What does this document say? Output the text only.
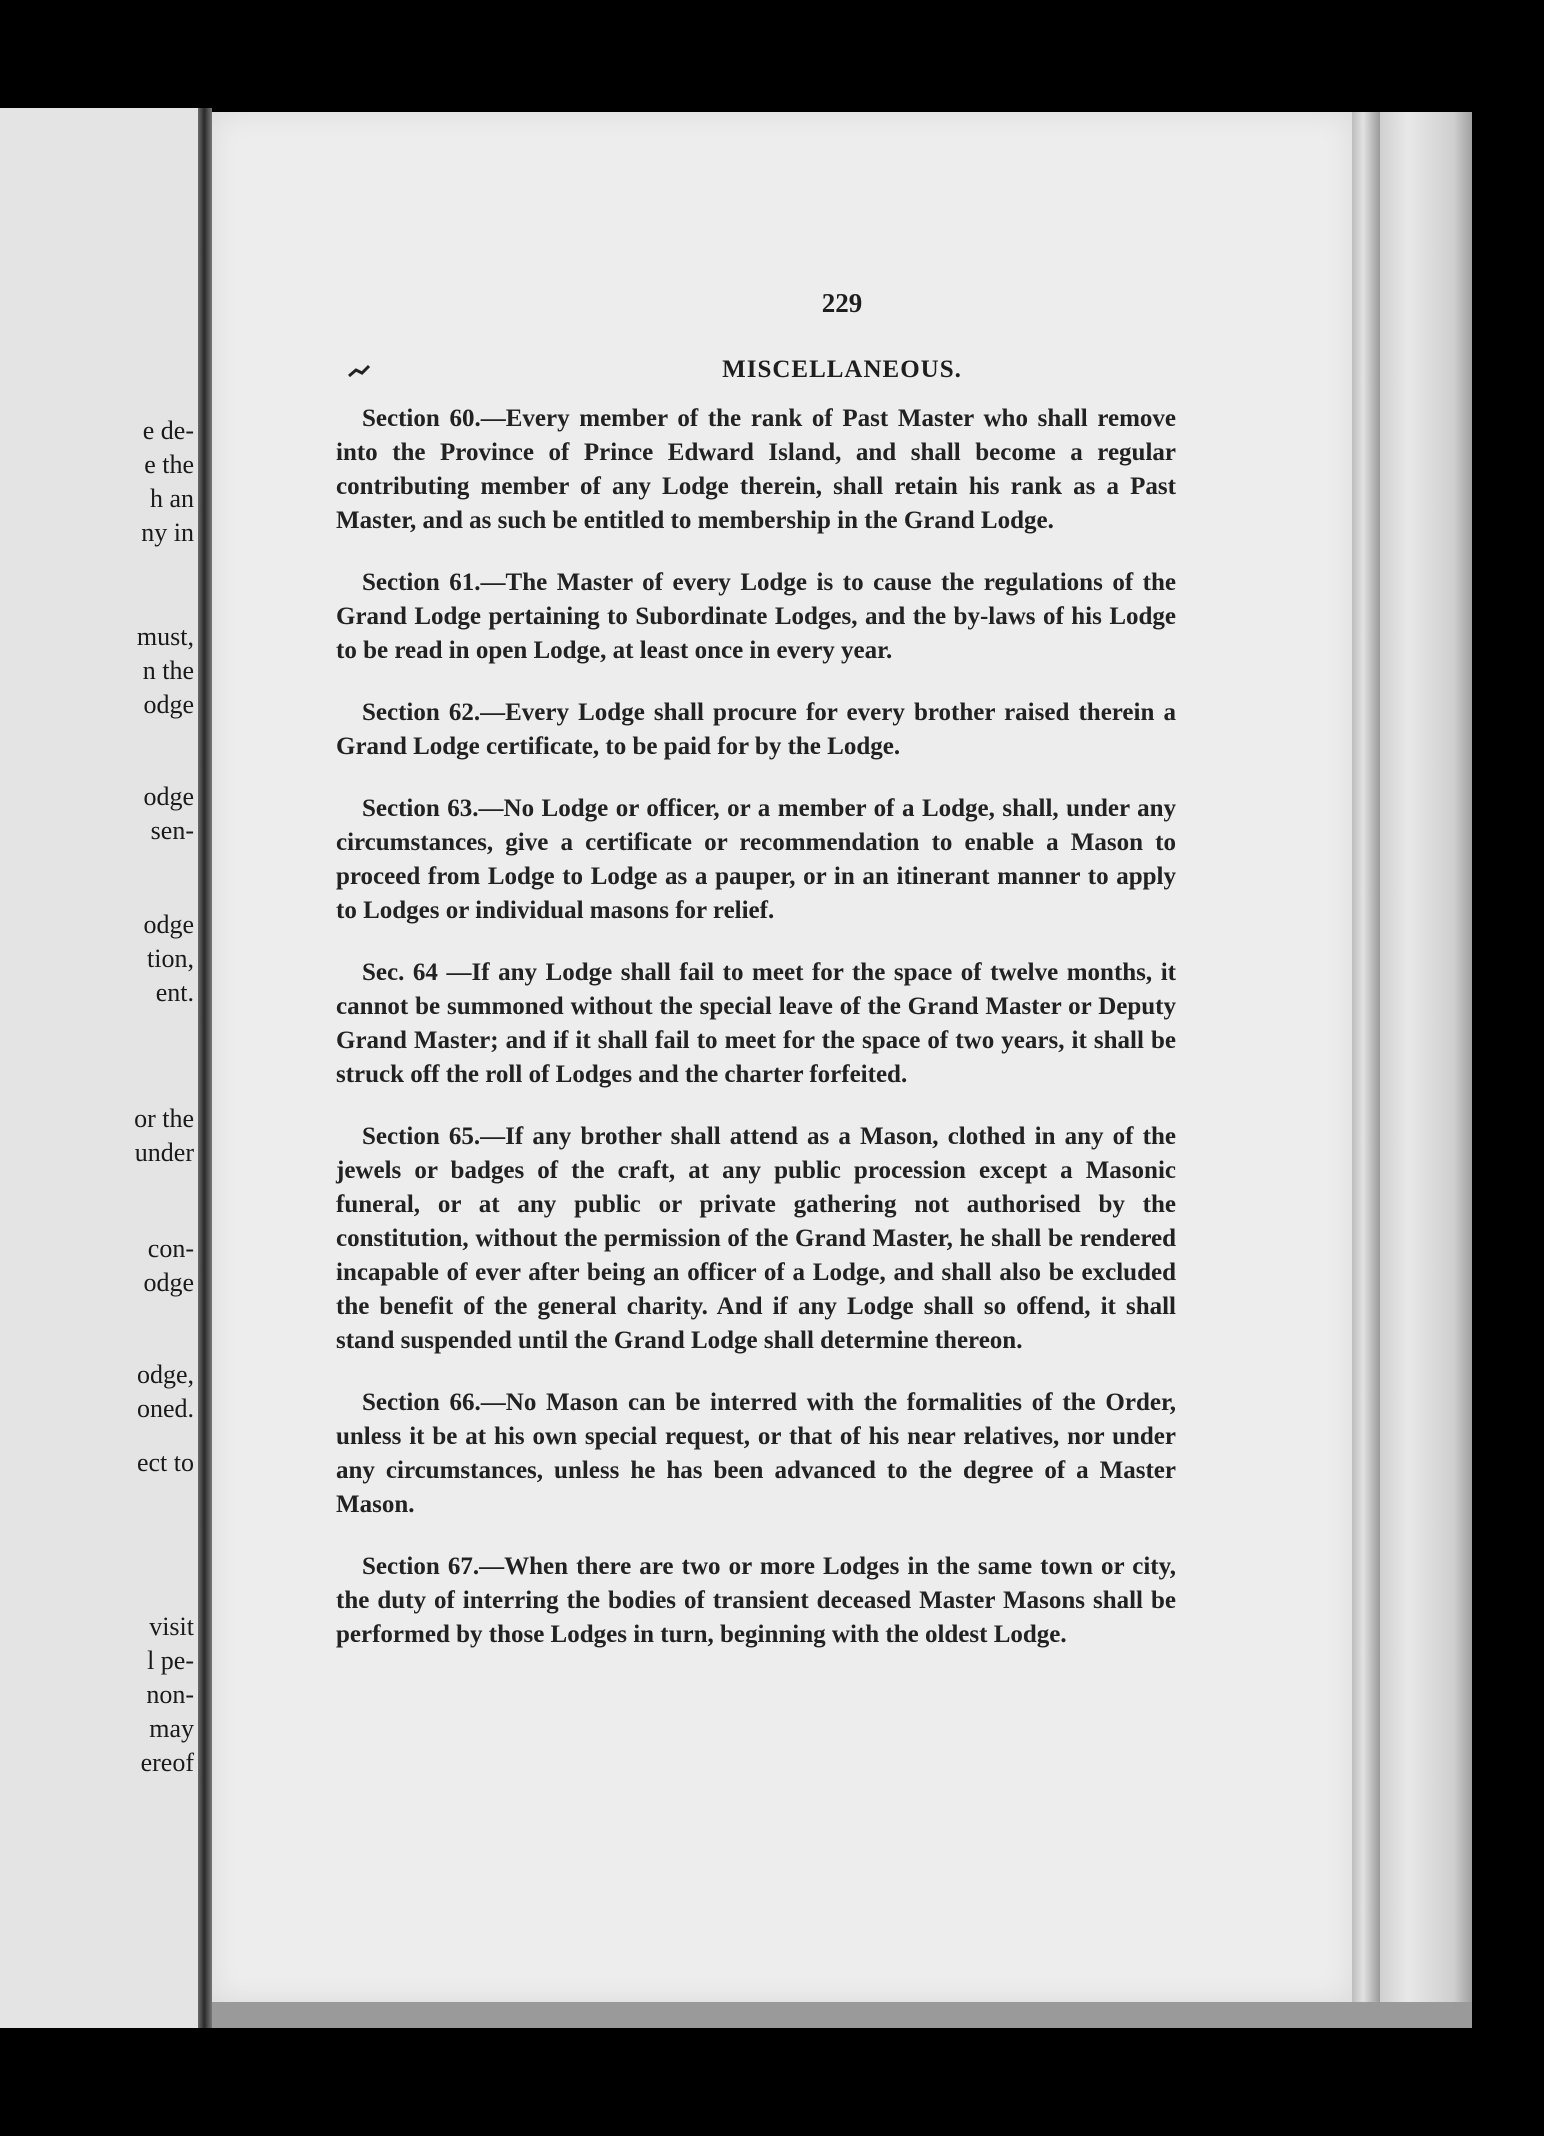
e de-
e the
h an
ny in
must,
n the
odge
odge
sen-
odge
tion,
ent.
or the
under
con-
odge
odge,
oned.
ect to
visit
l pe-
non-
may
ereof
229
MISCELLANEOUS.

Section 60.—Every member of the rank of Past Master who shall remove into the Province of Prince Edward Island, and shall become a regular contributing member of any Lodge therein, shall retain his rank as a Past Master, and as such be entitled to membership in the Grand Lodge.

Section 61.—The Master of every Lodge is to cause the regulations of the Grand Lodge pertaining to Subordinate Lodges, and the by-laws of his Lodge to be read in open Lodge, at least once in every year.

Section 62.—Every Lodge shall procure for every brother raised therein a Grand Lodge certificate, to be paid for by the Lodge.

Section 63.—No Lodge or officer, or a member of a Lodge, shall, under any circumstances, give a certificate or recommendation to enable a Mason to proceed from Lodge to Lodge as a pauper, or in an itinerant manner to apply to Lodges or individual masons for relief.

Sec. 64 —If any Lodge shall fail to meet for the space of twelve months, it cannot be summoned without the special leave of the Grand Master or Deputy Grand Master; and if it shall fail to meet for the space of two years, it shall be struck off the roll of Lodges and the charter forfeited.

Section 65.—If any brother shall attend as a Mason, clothed in any of the jewels or badges of the craft, at any public procession except a Masonic funeral, or at any public or private gathering not authorised by the constitution, without the permission of the Grand Master, he shall be rendered incapable of ever after being an officer of a Lodge, and shall also be excluded the benefit of the general charity. And if any Lodge shall so offend, it shall stand suspended until the Grand Lodge shall determine thereon.

Section 66.—No Mason can be interred with the formalities of the Order, unless it be at his own special request, or that of his near relatives, nor under any circumstances, unless he has been advanced to the degree of a Master Mason.

Section 67.—When there are two or more Lodges in the same town or city, the duty of interring the bodies of transient deceased Master Masons shall be performed by those Lodges in turn, beginning with the oldest Lodge.
